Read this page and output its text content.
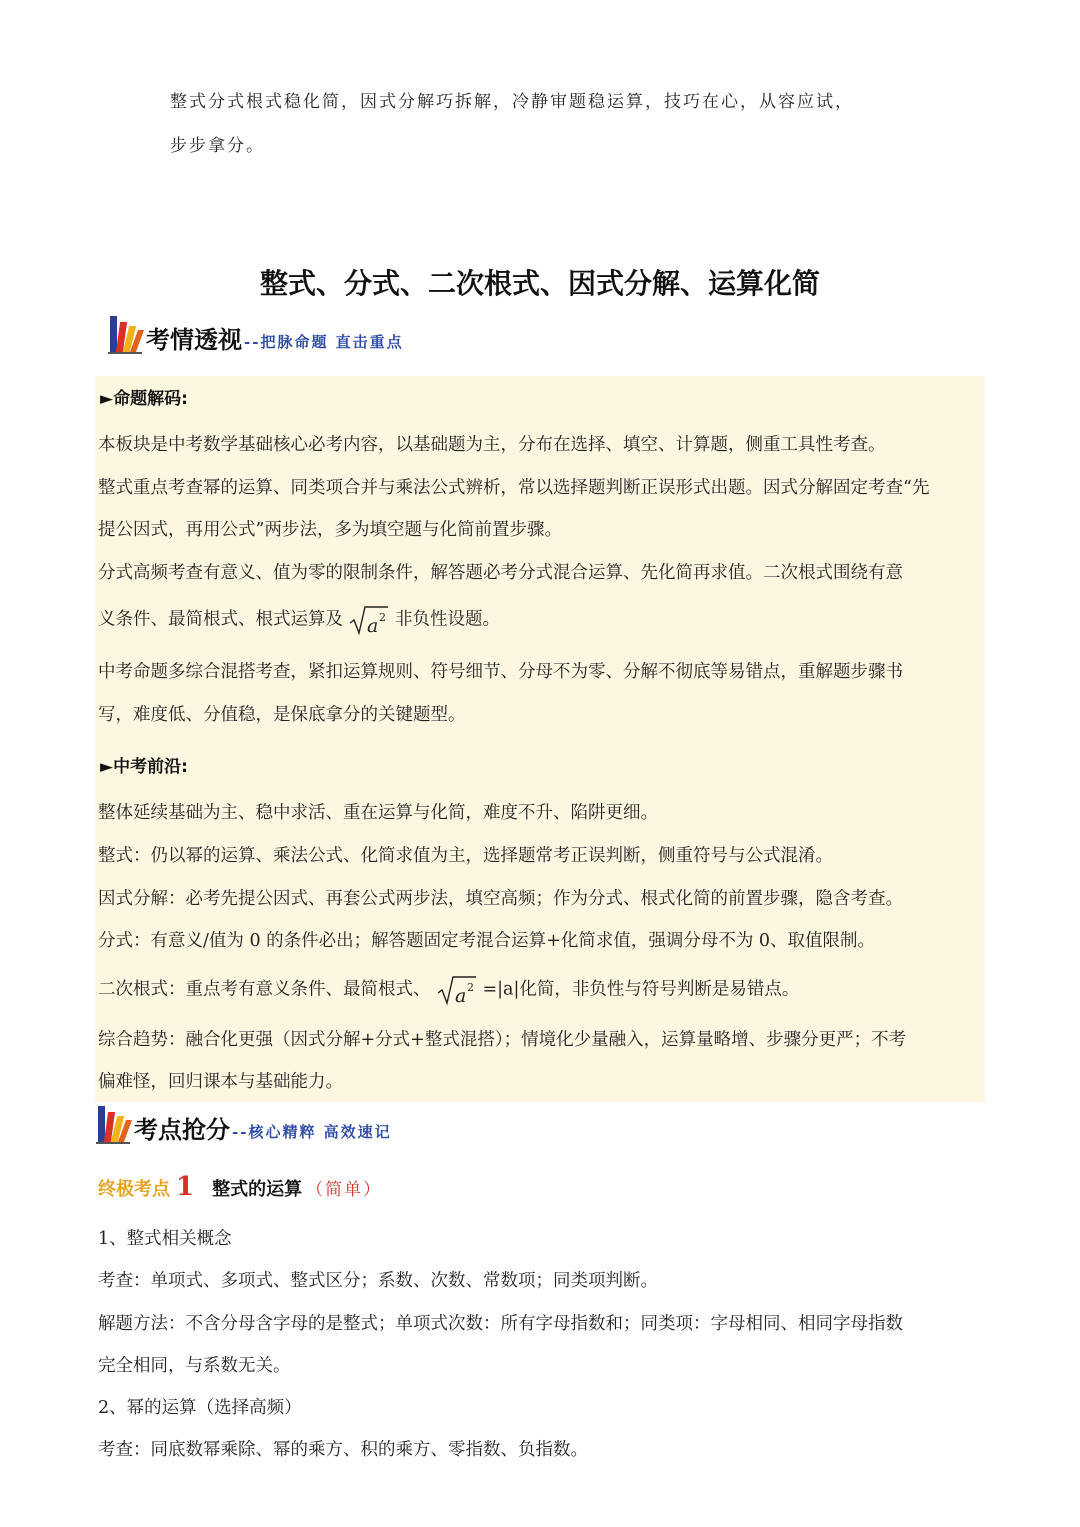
整式分式根式稳化简，因式分解巧拆解，冷静审题稳运算，技巧在心，从容应试，

步步拿分。

整式、分式、二次根式、因式分解、运算化简
考情透视 --把脉命题 直击重点
►命题解码:
本板块是中考数学基础核心必考内容，以基础题为主，分布在选择、填空、计算题，侧重工具性考查。
整式重点考查幂的运算、同类项合并与乘法公式辨析，常以选择题判断正误形式出题。因式分解固定考查“先
提公因式，再用公式”两步法，多为填空题与化简前置步骤。
分式高频考查有意义、值为零的限制条件，解答题必考分式混合运算、先化简再求值。二次根式围绕有意
义条件、最简根式、根式运算及 a 2 非负性设题。
中考命题多综合混搭考查，紧扣运算规则、符号细节、分母不为零、分解不彻底等易错点，重解题步骤书
写，难度低、分值稳，是保底拿分的关键题型。
►中考前沿:
整体延续基础为主、稳中求活、重在运算与化简，难度不升、陷阱更细。
整式：仍以幂的运算、乘法公式、化简求值为主，选择题常考正误判断，侧重符号与公式混淆。
因式分解：必考先提公因式、再套公式两步法，填空高频；作为分式、根式化简的前置步骤，隐含考查。
分式：有意义/值为 0 的条件必出；解答题固定考混合运算+化简求值，强调分母不为 0、取值限制。
二次根式：重点考有意义条件、最简根式、 a 2 =|a|化简，非负性与符号判断是易错点。
综合趋势：融合化更强（因式分解+分式+整式混搭）；情境化少量融入，运算量略增、步骤分更严；不考
偏难怪，回归课本与基础能力。
考点抢分 --核心精粹 高效速记
终极考点 1 整式的运算 （简单）
1、整式相关概念
考查：单项式、多项式、整式区分；系数、次数、常数项；同类项判断。
解题方法：不含分母含字母的是整式；单项式次数：所有字母指数和；同类项：字母相同、相同字母指数
完全相同，与系数无关。
2、幂的运算（选择高频）
考查：同底数幂乘除、幂的乘方、积的乘方、零指数、负指数。
